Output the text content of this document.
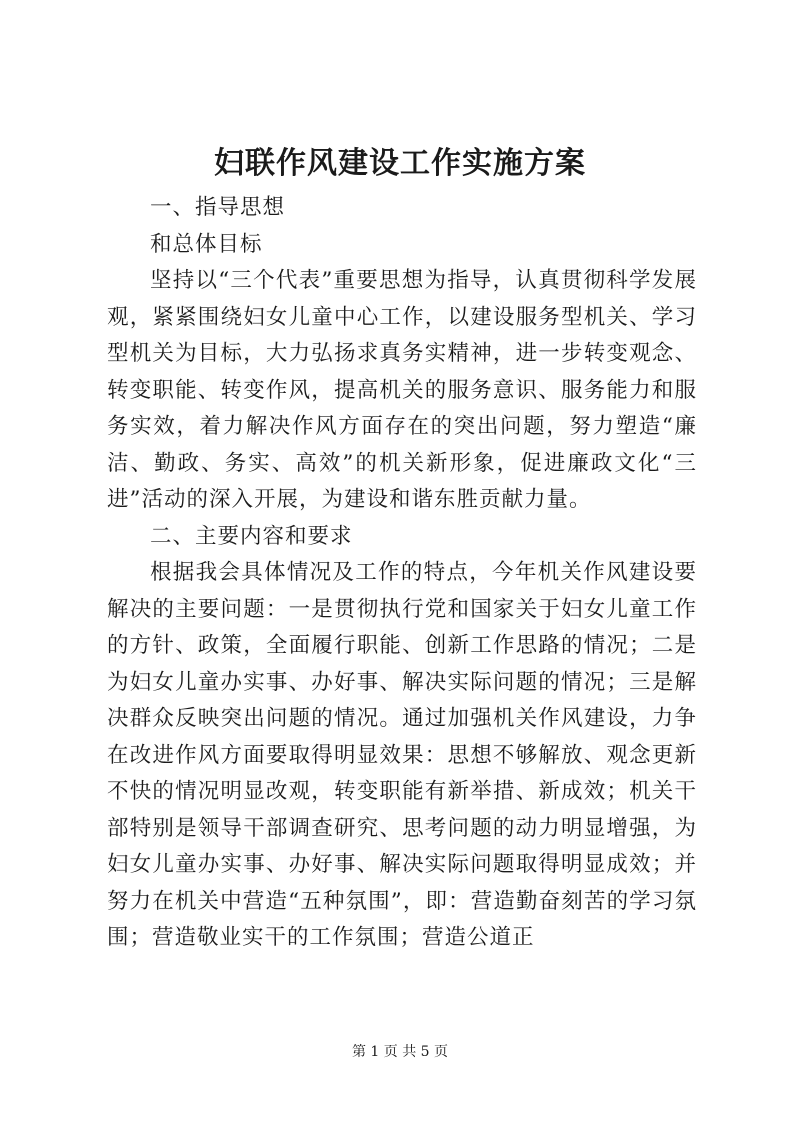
妇联作风建设工作实施方案

一、指导思想

和总体目标

坚持以“三个代表”重要思想为指导，认真贯彻科学发展观，紧紧围绕妇女儿童中心工作，以建设服务型机关、学习型机关为目标，大力弘扬求真务实精神，进一步转变观念、转变职能、转变作风，提高机关的服务意识、服务能力和服务实效，着力解决作风方面存在的突出问题，努力塑造“廉洁、勤政、务实、高效”的机关新形象，促进廉政文化“三进”活动的深入开展，为建设和谐东胜贡献力量。

二、主要内容和要求

根据我会具体情况及工作的特点，今年机关作风建设要解决的主要问题：一是贯彻执行党和国家关于妇女儿童工作的方针、政策，全面履行职能、创新工作思路的情况；二是为妇女儿童办实事、办好事、解决实际问题的情况；三是解决群众反映突出问题的情况。通过加强机关作风建设，力争在改进作风方面要取得明显效果：思想不够解放、观念更新不快的情况明显改观，转变职能有新举措、新成效；机关干部特别是领导干部调查研究、思考问题的动力明显增强，为妇女儿童办实事、办好事、解决实际问题取得明显成效；并努力在机关中营造“五种氛围”，即：营造勤奋刻苦的学习氛围；营造敬业实干的工作氛围；营造公道正

第 1 页 共 5 页
